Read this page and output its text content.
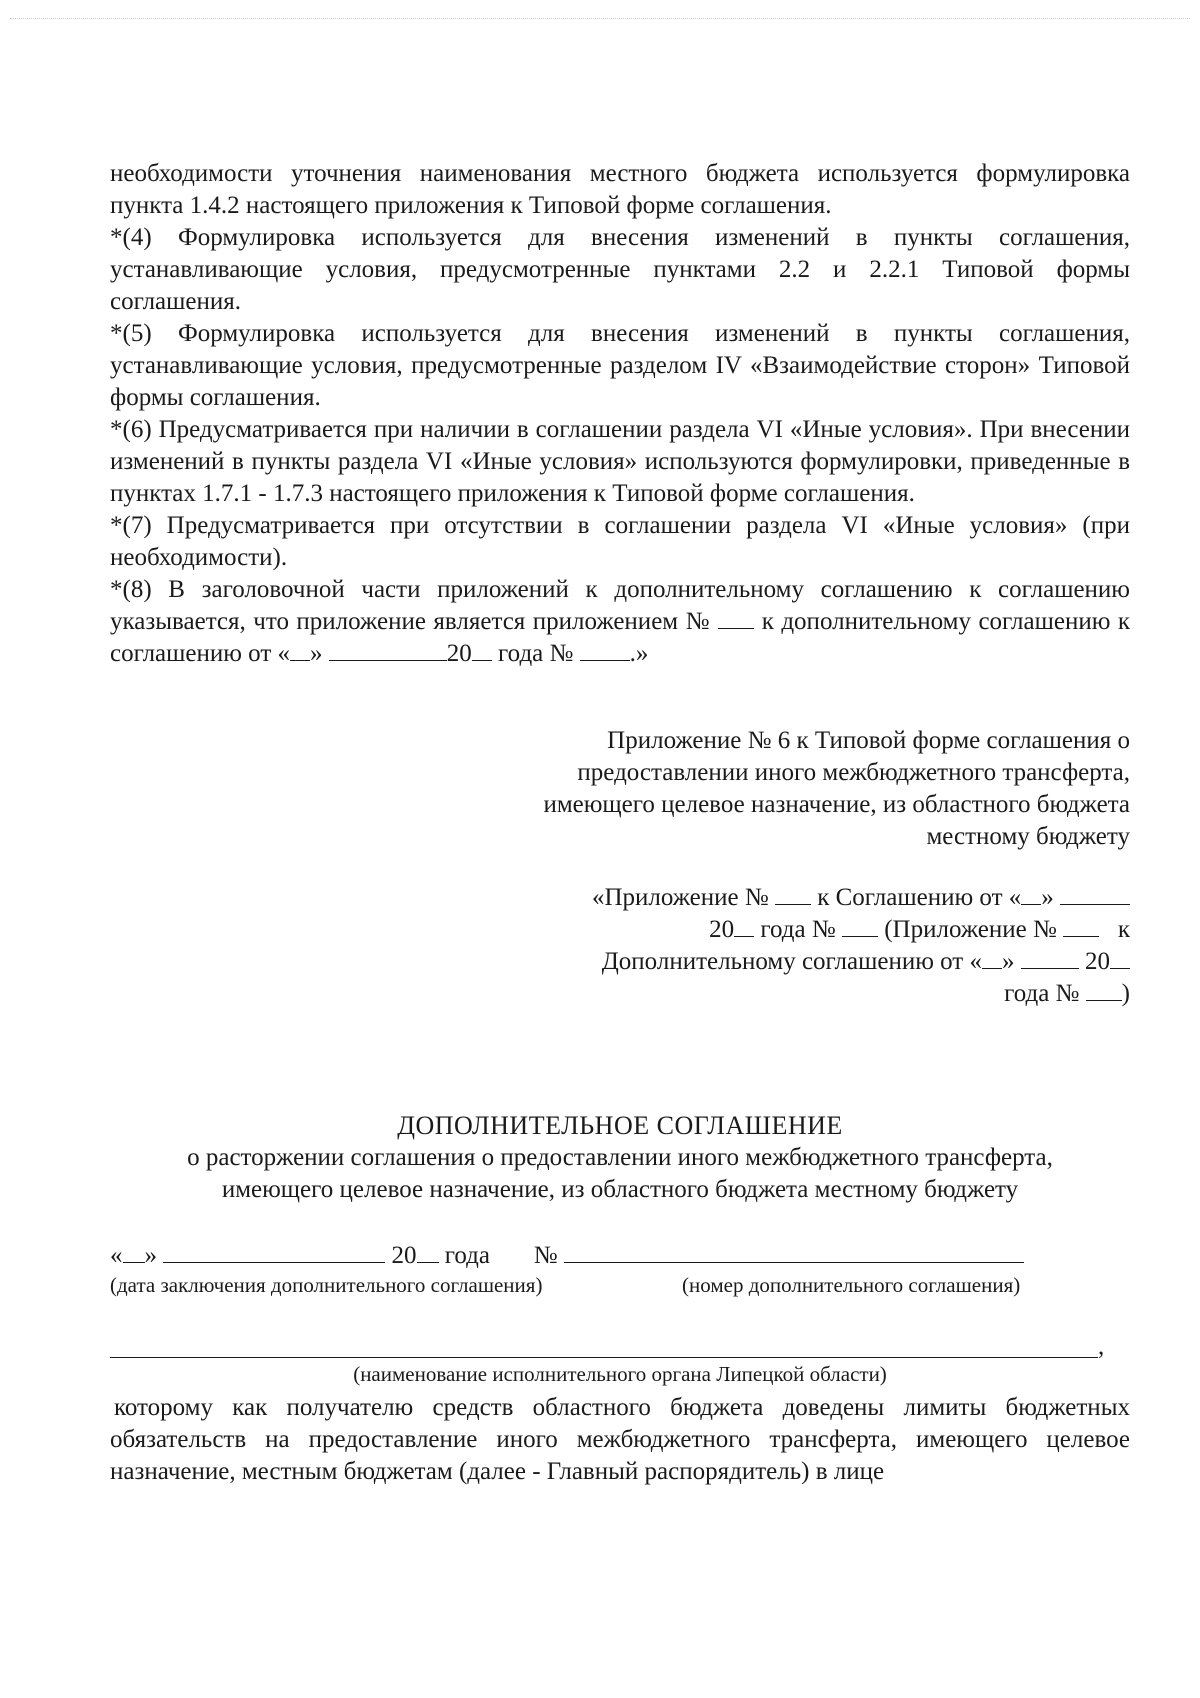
необходимости уточнения наименования местного бюджета используется формулировка пункта 1.4.2 настоящего приложения к Типовой форме соглашения.

*(4) Формулировка используется для внесения изменений в пункты соглашения, устанавливающие условия, предусмотренные пунктами 2.2 и 2.2.1 Типовой формы соглашения.

*(5) Формулировка используется для внесения изменений в пункты соглашения, устанавливающие условия, предусмотренные разделом IV «Взаимодействие сторон» Типовой формы соглашения.

*(6) Предусматривается при наличии в соглашении раздела VI «Иные условия». При внесении изменений в пункты раздела VI «Иные условия» используются формулировки, приведенные в пунктах 1.7.1 - 1.7.3 настоящего приложения к Типовой форме соглашения.

*(7) Предусматривается при отсутствии в соглашении раздела VI «Иные условия» (при необходимости).

*(8) В заголовочной части приложений к дополнительному соглашению к соглашению указывается, что приложение является приложением № к дополнительному соглашению к соглашению от « »	20 года № .»

Приложение № 6 к Типовой форме соглашения о
предоставлении иного межбюджетного трансферта,
имеющего целевое назначение, из областного бюджета
местному бюджету
«Приложение № к Соглашению от « »
20 года № (Приложение № к
Дополнительному соглашению от « »	20
года № )
ДОПОЛНИТЕЛЬНОЕ СОГЛАШЕНИЕ
о расторжении соглашения о предоставлении иного межбюджетного трансферта,
имеющего целевое назначение, из областного бюджета местному бюджету
« »	20 года №
(дата заключения дополнительного соглашения)	(номер дополнительного соглашения)
,
(наименование исполнительного органа Липецкой области)
которому как получателю средств областного бюджета доведены лимиты бюджетных обязательств на предоставление иного межбюджетного трансферта, имеющего целевое назначение, местным бюджетам (далее - Главный распорядитель) в лице
